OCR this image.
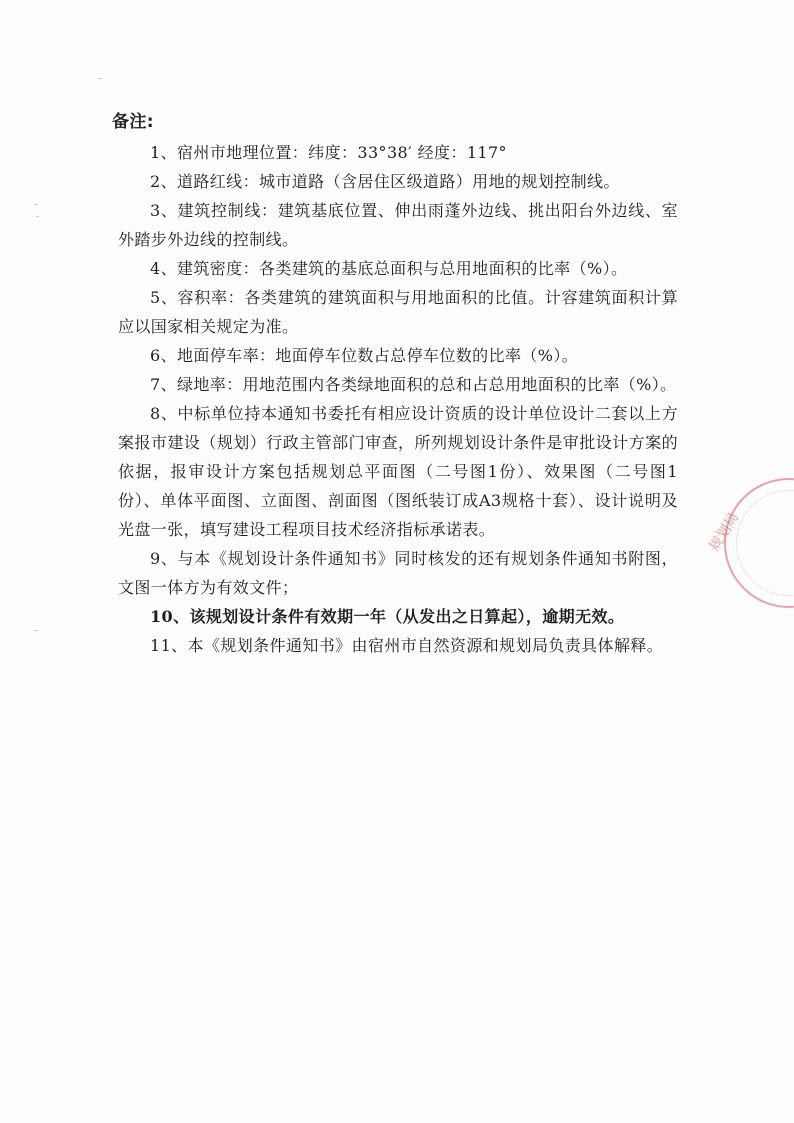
备注:

1、宿州市地理位置：纬度：33°38′ 经度：117°

2、道路红线：城市道路（含居住区级道路）用地的规划控制线。

3、建筑控制线：建筑基底位置、伸出雨蓬外边线、挑出阳台外边线、室外踏步外边线的控制线。

4、建筑密度：各类建筑的基底总面积与总用地面积的比率（%）。

5、容积率：各类建筑的建筑面积与用地面积的比值。计容建筑面积计算应以国家相关规定为准。

6、地面停车率：地面停车位数占总停车位数的比率（%）。

7、绿地率：用地范围内各类绿地面积的总和占总用地面积的比率（%）。

8、中标单位持本通知书委托有相应设计资质的设计单位设计二套以上方案报市建设（规划）行政主管部门审查，所列规划设计条件是审批设计方案的依据，报审设计方案包括规划总平面图（二号图1份）、效果图（二号图1份）、单体平面图、立面图、剖面图（图纸装订成A3规格十套）、设计说明及光盘一张，填写建设工程项目技术经济指标承诺表。

9、与本《规划设计条件通知书》同时核发的还有规划条件通知书附图，文图一体方为有效文件；

10、该规划设计条件有效期一年（从发出之日算起），逾期无效。

11、本《规划条件通知书》由宿州市自然资源和规划局负责具体解释。

规划局
